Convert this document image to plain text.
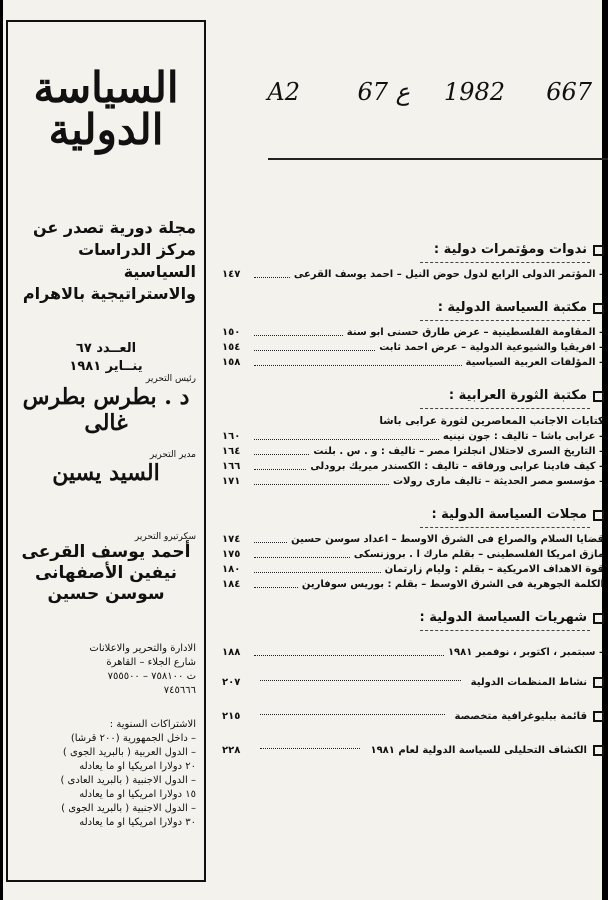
السياسة
الدولية
مجلة دورية تصدر عن مركز الدراسات السياسية والاستراتيجية بالاهرام
العــدد ٦٧
ينــاير ١٩٨١
رئيس التحرير
د . بطرس بطرس غالى
مدير التحرير
السيد يسين
سكرتيرو التحرير
أحمد يوسف القرعى
نيفين الأصفهانى
سوسن حسين
الادارة والتحرير والاعلانات
شارع الجلاء – القاهرة
ت ٧٥٨١٠٠ – ٧٥٥٥٠٠
٧٤٥٦٦٦
الاشتراكات السنوية :
– داخل الجمهورية (٢٠٠ قرشا)
– الدول العربية ( بالبريد الجوى )
٢٠ دولارا امريكيا او ما يعادله
– الدول الاجنبية ( بالبريد العادى )
١٥ دولارا امريكيا او ما يعادله
– الدول الاجنبية ( بالبريد الجوى )
٣٠ دولارا امريكيا او ما يعادله
A2 67 ع 1982 667
ندوات ومؤتمرات دولية :
– المؤتمر الدولى الرابع لدول حوض النيل – احمد يوسف القرعى
١٤٧
مكتبة السياسة الدولية :
– المقاومة الفلسطينية – عرض طارق حسنى ابو سنة
١٥٠
– افريقيا والشيوعية الدولية – عرض احمد ثابت
١٥٤
– المؤلفات العربية السياسية
١٥٨
مكتبة الثورة العرابية :
كتابات الاجانب المعاصرين لثورة عرابى باشا
– عرابى باشا – تاليف : جون نينيه
١٦٠
– التاريخ السرى لاحتلال انجلترا مصر – تاليف : و . س . بلنت
١٦٤
– كيف فادينا عرابى ورفاقه – تاليف : الكسندر ميريك برودلى
١٦٦
– مؤسسو مصر الحديثة – تاليف مارى رولات
١٧١
مجلات السياسة الدولية :
قضايا السلام والصراع فى الشرق الاوسط – اعداد سوسن حسين
١٧٤
مازق امريكا الفلسطينى – بقلم مارك ا . بروزنسكى
١٧٥
قوة الاهداف الامريكية – بقلم : وليام زارتمان
١٨٠
الكلمة الجوهرية فى الشرق الاوسط – بقلم : بوريس سوفارين
١٨٤
شهريات السياسة الدولية :
– سبتمبر ، اكتوبر ، نوفمبر ١٩٨١
١٨٨
نشاط المنظمات الدولية
٢٠٧
قائمة ببليوغرافية متخصصة
٢١٥
الكشاف التحليلى للسياسة الدولية لعام ١٩٨١
٢٢٨
